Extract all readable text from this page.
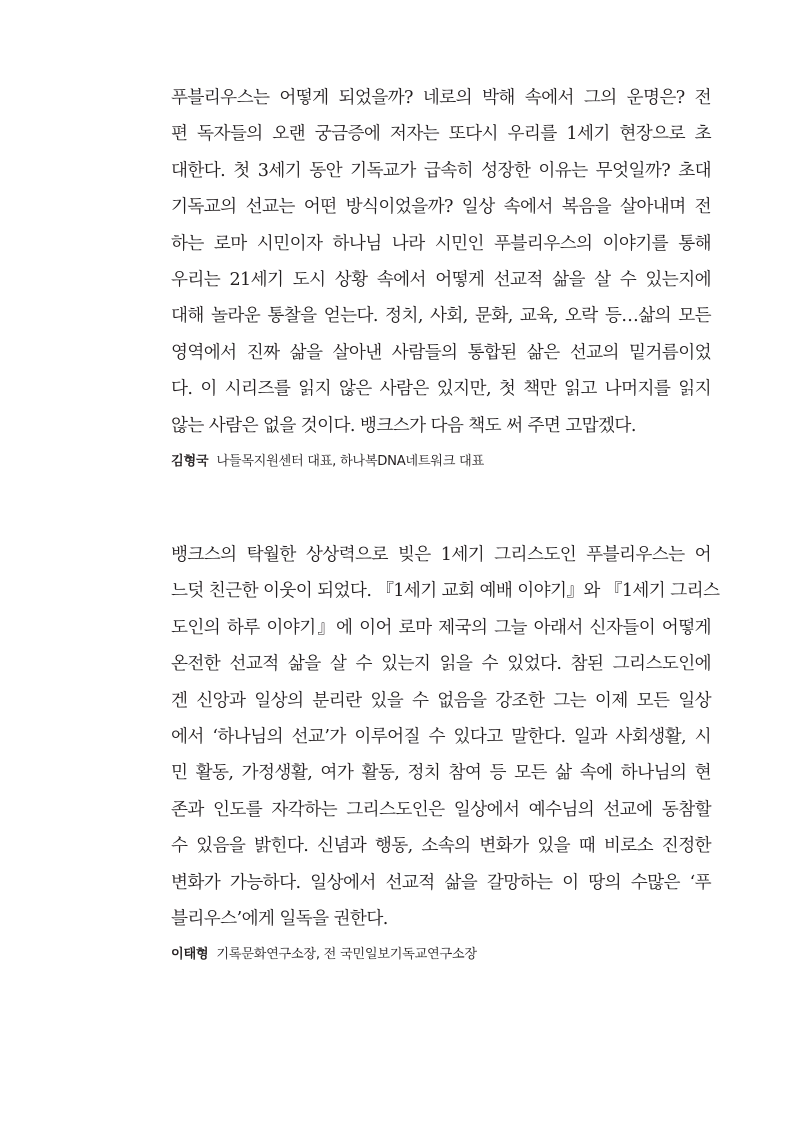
푸블리우스는 어떻게 되었을까? 네로의 박해 속에서 그의 운명은? 전
편 독자들의 오랜 궁금증에 저자는 또다시 우리를 1세기 현장으로 초
대한다. 첫 3세기 동안 기독교가 급속히 성장한 이유는 무엇일까? 초대
기독교의 선교는 어떤 방식이었을까? 일상 속에서 복음을 살아내며 전
하는 로마 시민이자 하나님 나라 시민인 푸블리우스의 이야기를 통해
우리는 21세기 도시 상황 속에서 어떻게 선교적 삶을 살 수 있는지에
대해 놀라운 통찰을 얻는다. 정치, 사회, 문화, 교육, 오락 등…삶의 모든
영역에서 진짜 삶을 살아낸 사람들의 통합된 삶은 선교의 밑거름이었
다. 이 시리즈를 읽지 않은 사람은 있지만, 첫 책만 읽고 나머지를 읽지
않는 사람은 없을 것이다. 뱅크스가 다음 책도 써 주면 고맙겠다.

김형국 나들목지원센터 대표, 하나복DNA네트워크 대표

뱅크스의 탁월한 상상력으로 빚은 1세기 그리스도인 푸블리우스는 어
느덧 친근한 이웃이 되었다. 『1세기 교회 예배 이야기』와 『1세기 그리스
도인의 하루 이야기』에 이어 로마 제국의 그늘 아래서 신자들이 어떻게
온전한 선교적 삶을 살 수 있는지 읽을 수 있었다. 참된 그리스도인에
겐 신앙과 일상의 분리란 있을 수 없음을 강조한 그는 이제 모든 일상
에서 ‘하나님의 선교’가 이루어질 수 있다고 말한다. 일과 사회생활, 시
민 활동, 가정생활, 여가 활동, 정치 참여 등 모든 삶 속에 하나님의 현
존과 인도를 자각하는 그리스도인은 일상에서 예수님의 선교에 동참할
수 있음을 밝힌다. 신념과 행동, 소속의 변화가 있을 때 비로소 진정한
변화가 가능하다. 일상에서 선교적 삶을 갈망하는 이 땅의 수많은 ‘푸
블리우스’에게 일독을 권한다.

이태형 기록문화연구소장, 전 국민일보기독교연구소장
